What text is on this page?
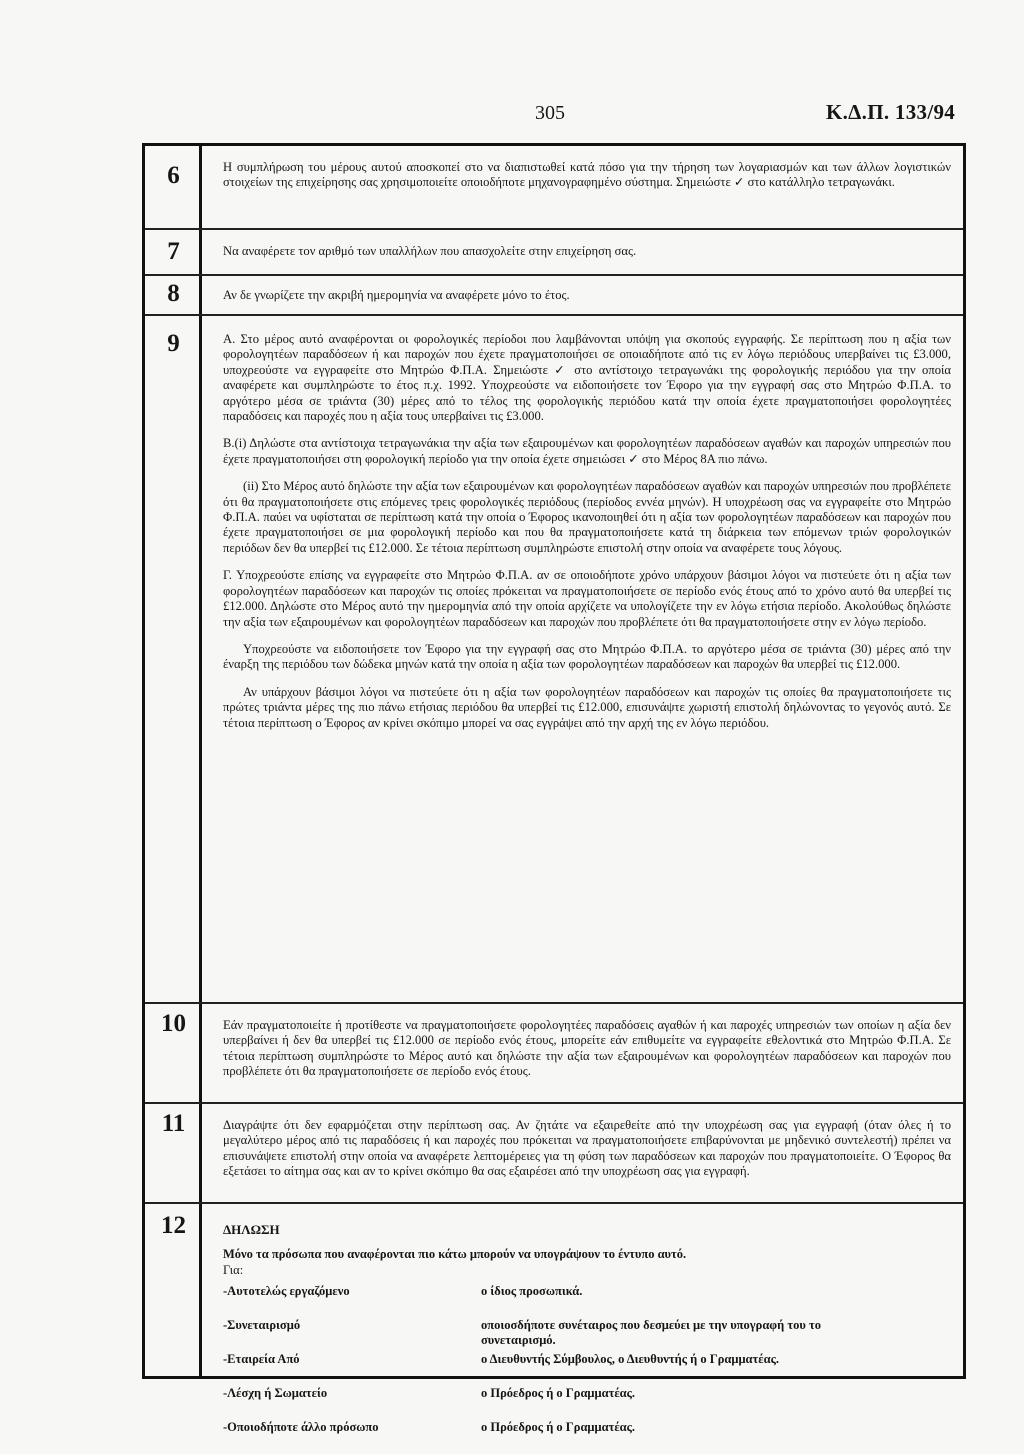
305	Κ.Δ.Π. 133/94
6	Η συμπλήρωση του μέρους αυτού αποσκοπεί στο να διαπιστωθεί κατά πόσο για την τήρηση των λογαριασμών και των άλλων λογιστικών στοιχείων της επιχείρησης σας χρησιμοποιείτε οποιοδήποτε μηχανογραφημένο σύστημα. Σημειώστε ✓ στο κατάλληλο τετραγωνάκι.

7	Να αναφέρετε τον αριθμό των υπαλλήλων που απασχολείτε στην επιχείρηση σας.

8	Αν δε γνωρίζετε την ακριβή ημερομηνία να αναφέρετε μόνο το έτος.

9	Α. Στο μέρος αυτό αναφέρονται οι φορολογικές περίοδοι που λαμβάνονται υπόψη για σκοπούς εγγραφής. Σε περίπτωση που η αξία των φορολογητέων παραδόσεων ή και παροχών που έχετε πραγματοποιήσει σε οποιαδήποτε από τις εν λόγω περιόδους υπερβαίνει τις £3.000, υποχρεούστε να εγγραφείτε στο Μητρώο Φ.Π.Α. Σημειώστε ✓ στο αντίστοιχο τετραγωνάκι της φορολογικής περιόδου για την οποία αναφέρετε και συμπληρώστε το έτος π.χ. 1992. Υποχρεούστε να ειδοποιήσετε τον Έφορο για την εγγραφή σας στο Μητρώο Φ.Π.Α. το αργότερο μέσα σε τριάντα (30) μέρες από το τέλος της φορολογικής περιόδου κατά την οποία έχετε πραγματοποιήσει φορολογητέες παραδόσεις και παροχές που η αξία τους υπερβαίνει τις £3.000.

Β.(i) Δηλώστε στα αντίστοιχα τετραγωνάκια την αξία των εξαιρουμένων και φορολογητέων παραδόσεων αγαθών και παροχών υπηρεσιών που έχετε πραγματοποιήσει στη φορολογική περίοδο για την οποία έχετε σημειώσει ✓ στο Μέρος 8Α πιο πάνω.

(ii) Στο Μέρος αυτό δηλώστε την αξία των εξαιρουμένων και φορολογητέων παραδόσεων αγαθών και παροχών υπηρεσιών που προβλέπετε ότι θα πραγματοποιήσετε στις επόμενες τρεις φορολογικές περιόδους (περίοδος εννέα μηνών). Η υποχρέωση σας να εγγραφείτε στο Μητρώο Φ.Π.Α. παύει να υφίσταται σε περίπτωση κατά την οποία ο Έφορος ικανοποιηθεί ότι η αξία των φορολογητέων παραδόσεων και παροχών που έχετε πραγματοποιήσει σε μια φορολογική περίοδο και που θα πραγματοποιήσετε κατά τη διάρκεια των επόμενων τριών φορολογικών περιόδων δεν θα υπερβεί τις £12.000. Σε τέτοια περίπτωση συμπληρώστε επιστολή στην οποία να αναφέρετε τους λόγους.

Γ. Υποχρεούστε επίσης να εγγραφείτε στο Μητρώο Φ.Π.Α. αν σε οποιοδήποτε χρόνο υπάρχουν βάσιμοι λόγοι να πιστεύετε ότι η αξία των φορολογητέων παραδόσεων και παροχών τις οποίες πρόκειται να πραγματοποιήσετε σε περίοδο ενός έτους από το χρόνο αυτό θα υπερβεί τις £12.000. Δηλώστε στο Μέρος αυτό την ημερομηνία από την οποία αρχίζετε να υπολογίζετε την εν λόγω ετήσια περίοδο. Ακολούθως δηλώστε την αξία των εξαιρουμένων και φορολογητέων παραδόσεων και παροχών που προβλέπετε ότι θα πραγματοποιήσετε στην εν λόγω περίοδο.

Υποχρεούστε να ειδοποιήσετε τον Έφορο για την εγγραφή σας στο Μητρώο Φ.Π.Α. το αργότερο μέσα σε τριάντα (30) μέρες από την έναρξη της περιόδου των δώδεκα μηνών κατά την οποία η αξία των φορολογητέων παραδόσεων και παροχών θα υπερβεί τις £12.000.

Αν υπάρχουν βάσιμοι λόγοι να πιστεύετε ότι η αξία των φορολογητέων παραδόσεων και παροχών τις οποίες θα πραγματοποιήσετε τις πρώτες τριάντα μέρες της πιο πάνω ετήσιας περιόδου θα υπερβεί τις £12.000, επισυνάψτε χωριστή επιστολή δηλώνοντας το γεγονός αυτό. Σε τέτοια περίπτωση ο Έφορος αν κρίνει σκόπιμο μπορεί να σας εγγράψει από την αρχή της εν λόγω περιόδου.

10	Εάν πραγματοποιείτε ή προτίθεστε να πραγματοποιήσετε φορολογητέες παραδόσεις αγαθών ή και παροχές υπηρεσιών των οποίων η αξία δεν υπερβαίνει ή δεν θα υπερβεί τις £12.000 σε περίοδο ενός έτους, μπορείτε εάν επιθυμείτε να εγγραφείτε εθελοντικά στο Μητρώο Φ.Π.Α. Σε τέτοια περίπτωση συμπληρώστε το Μέρος αυτό και δηλώστε την αξία των εξαιρουμένων και φορολογητέων παραδόσεων και παροχών που προβλέπετε ότι θα πραγματοποιήσετε σε περίοδο ενός έτους.

11	Διαγράψτε ότι δεν εφαρμόζεται στην περίπτωση σας. Αν ζητάτε να εξαιρεθείτε από την υποχρέωση σας για εγγραφή (όταν όλες ή το μεγαλύτερο μέρος από τις παραδόσεις ή και παροχές που πρόκειται να πραγματοποιήσετε επιβαρύνονται με μηδενικό συντελεστή) πρέπει να επισυνάψετε επιστολή στην οποία να αναφέρετε λεπτομέρειες για τη φύση των παραδόσεων και παροχών που πραγματοποιείτε. Ο Έφορος θα εξετάσει το αίτημα σας και αν το κρίνει σκόπιμο θα σας εξαιρέσει από την υποχρέωση σας για εγγραφή.

12	ΔΗΛΩΣΗ
Μόνο τα πρόσωπα που αναφέρονται πιο κάτω μπορούν να υπογράψουν το έντυπο αυτό.
Για:
-Αυτοτελώς εργαζόμενο	ο ίδιος προσωπικά.
-Συνεταιρισμό	οποιοσδήποτε συνέταιρος που δεσμεύει με την υπογραφή του το συνεταιρισμό.
-Εταιρεία Από	ο Διευθυντής Σύμβουλος, ο Διευθυντής ή ο Γραμματέας.
-Λέσχη ή Σωματείο	ο Πρόεδρος ή ο Γραμματέας.
-Οποιοδήποτε άλλο πρόσωπο	ο Πρόεδρος ή ο Γραμματέας.
